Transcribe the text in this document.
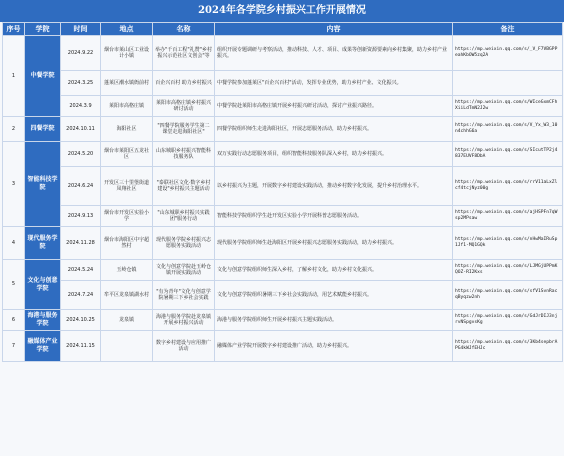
2024年各学院乡村振兴工作开展情况
序号	学院	时间	地点	名称	内容	备注
1	中餐学院	2024.9.22	烟台市莱山区工业设计小镇	举办"千百工程"礼赞"乡村振兴示范社区文创会"等	组织开展专题调研与考察活动，推动科技、人才、项目、成果等创新资源要素向乡村集聚，助力乡村产业振兴。	https://mp.weixin.qq.com/s/_V_F7VBGPPeahKbOW5zq2A
		2024.3.25	蓬莱区潮水镇衙前村	百企兴百村 助力乡村振兴	中餐学院参加蓬莱区"百企兴百村"活动，发挥专业优势，助力乡村产业、文化振兴。	
		2024.3.9	莱阳市高格庄镇	莱阳市高格庄镇乡村振兴研讨活动	中餐学院赴莱阳市高格庄镇开展乡村振兴研讨活动，探讨产业振兴路径。	https://mp.weixin.qq.com/s/WIceGxmCFhXiiLdTmN2J2w
2	四餐学院	2024.10.11	海阳社区	"四餐学院服务学生第二课堂走进海阳社区"	四餐学院组织师生走进海阳社区，开展志愿服务活动，助力乡村振兴。	https://mp.weixin.qq.com/s/V_Yx_W3_10n4chhG6a
3	智能科技学院	2024.5.20	烟台市莱阳区五龙社区	山东城职乡村振兴智能科技服务队	双万实践行动志愿服务项目，组织智能科技服务队深入乡村，助力乡村振兴。	https://mp.weixin.qq.com/s/SIcutTP2j4837EUVF8DbA
		2024.6.24	开发区三十里堡街道凤翔社区	"泰联社区文化·数字乡村建设"乡村振兴主题活动	以乡村振兴为主题，开展数字乡村建设实践活动，推动乡村数字化发展，提升乡村治理水平。	https://mp.weixin.qq.com/s/rrV11aLxZlcf4tcjNyz00g
		2024.9.13	烟台市开发区实验小学	"山东城职乡村振兴实践团"服务行动	智能科技学院组织学生赴开发区实验小学开展科普志愿服务活动。	https://mp.weixin.qq.com/s/ajHSPFn7qWsp2MPsaw
4	现代服务学院	2024.11.28	烟台市海阳区中宇超然村	现代服务学院乡村振兴志愿服务实践活动	现代服务学院组织师生赴海阳区开展乡村振兴志愿服务实践活动，助力乡村振兴。	https://mp.weixin.qq.com/s/nHwMaIRuSp1Jf1-MQ1GQk
5	文化与创意学院	2024.5.24	玉岭仓镇	文化与创意学院赴玉岭仓镇开展实践活动	文化与创意学院组织师生深入乡村，了解乡村文化，助力乡村文化振兴。	https://mp.weixin.qq.com/s/LJMGjUPPmKQOZ-RI2Kxs
		2024.7.24	牟平区龙泉镇湖水村	"有为青年"文化与创意学院暑期三下乡社会实践	文化与创意学院组织暑期三下乡社会实践活动，用艺术赋能乡村振兴。	https://mp.weixin.qq.com/s/sfV1SvnRacqByqzw2nh
6	海港与服务学院	2024.10.25	龙泉镇	海港与服务学院赴龙泉镇开展乡村振兴活动	海港与服务学院组织师生开展乡村振兴主题实践活动。	https://mp.weixin.qq.com/s/GdJrDIJ3njrvNSpgvsKg
7	融媒体产业学院	2024.11.15		数字乡村建设与应用推广活动	融媒体产业学院开展数字乡村建设推广活动，助力乡村振兴。	https://mp.weixin.qq.com/s/3Kb4sepbrAPG4kWJfEHJc
